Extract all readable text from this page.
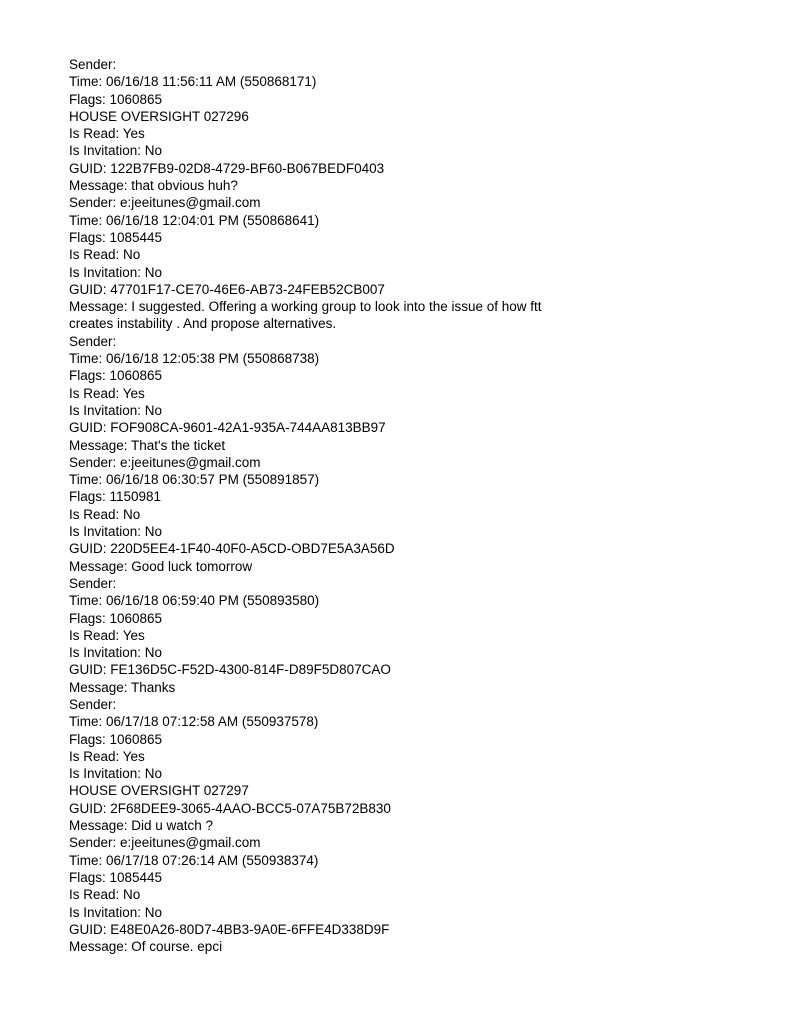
Sender:
Time: 06/16/18 11:56:11 AM (550868171)
Flags: 1060865
HOUSE OVERSIGHT 027296
Is Read: Yes
Is Invitation: No
GUID: 122B7FB9-02D8-4729-BF60-B067BEDF0403
Message: that obvious huh?
Sender: e:jeeitunes@gmail.com
Time: 06/16/18 12:04:01 PM (550868641)
Flags: 1085445
Is Read: No
Is Invitation: No
GUID: 47701F17-CE70-46E6-AB73-24FEB52CB007
Message: I suggested. Offering a working group to look into the issue of how ftt
creates instability . And propose alternatives.
Sender:
Time: 06/16/18 12:05:38 PM (550868738)
Flags: 1060865
Is Read: Yes
Is Invitation: No
GUID: FOF908CA-9601-42A1-935A-744AA813BB97
Message: That's the ticket
Sender: e:jeeitunes@gmail.com
Time: 06/16/18 06:30:57 PM (550891857)
Flags: 1150981
Is Read: No
Is Invitation: No
GUID: 220D5EE4-1F40-40F0-A5CD-OBD7E5A3A56D
Message: Good luck tomorrow
Sender:
Time: 06/16/18 06:59:40 PM (550893580)
Flags: 1060865
Is Read: Yes
Is Invitation: No
GUID: FE136D5C-F52D-4300-814F-D89F5D807CAO
Message: Thanks
Sender:
Time: 06/17/18 07:12:58 AM (550937578)
Flags: 1060865
Is Read: Yes
Is Invitation: No
HOUSE OVERSIGHT 027297
GUID: 2F68DEE9-3065-4AAO-BCC5-07A75B72B830
Message: Did u watch ?
Sender: e:jeeitunes@gmail.com
Time: 06/17/18 07:26:14 AM (550938374)
Flags: 1085445
Is Read: No
Is Invitation: No
GUID: E48E0A26-80D7-4BB3-9A0E-6FFE4D338D9F
Message: Of course. epci
